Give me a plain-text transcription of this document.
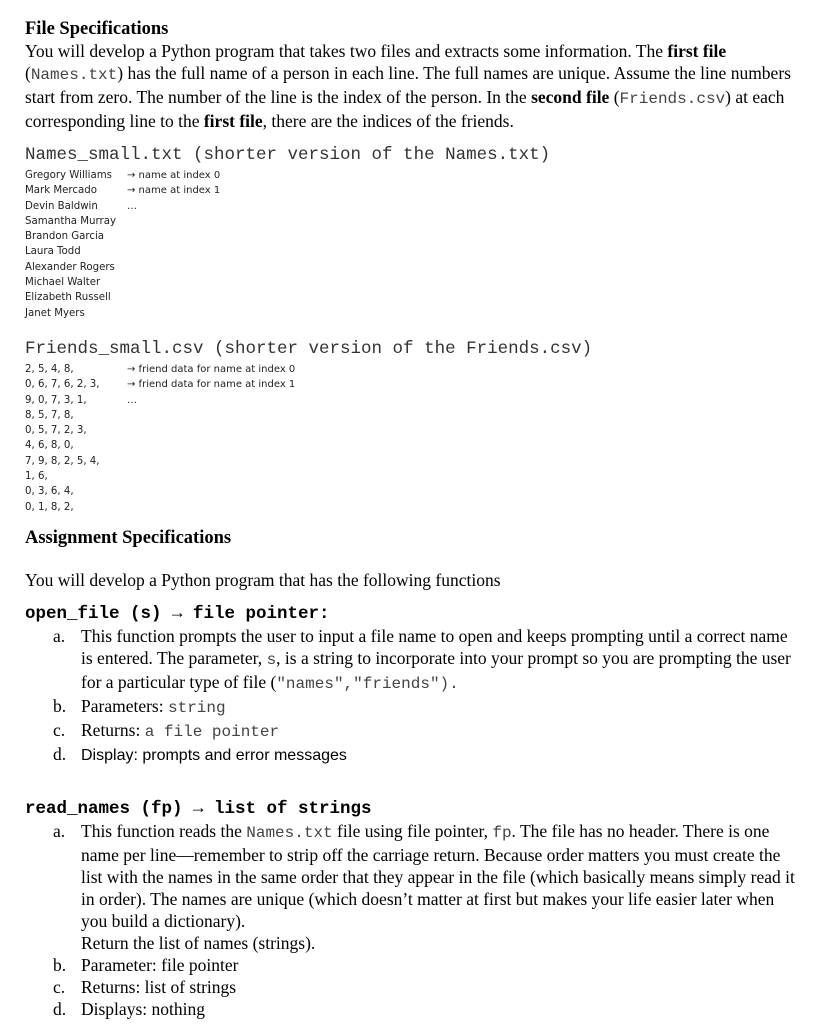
File Specifications

You will develop a Python program that takes two files and extracts some information. The first file (Names.txt) has the full name of a person in each line. The full names are unique. Assume the line numbers start from zero. The number of the line is the index of the person. In the second file (Friends.csv) at each corresponding line to the first file, there are the indices of the friends.

Names_small.txt (shorter version of the Names.txt)
Gregory Williams → name at index 0
Mark Mercado	→ name at index 1
Devin Baldwin	…
Samantha Murray
Brandon Garcia
Laura Todd
Alexander Rogers
Michael Walter
Elizabeth Russell
Janet Myers
Friends_small.csv (shorter version of the Friends.csv)
2, 5, 4, 8,	→ friend data for name at index 0
0, 6, 7, 6, 2, 3,	→ friend data for name at index 1
9, 0, 7, 3, 1,	…
8, 5, 7, 8,
0, 5, 7, 2, 3,
4, 6, 8, 0,
7, 9, 8, 2, 5, 4,
1, 6,
0, 3, 6, 4,
0, 1, 8, 2,
Assignment Specifications

You will develop a Python program that has the following functions

open_file (s) → file pointer:
a. This function prompts the user to input a file name to open and keeps prompting until a correct name is entered. The parameter, s, is a string to incorporate into your prompt so you are prompting the user for a particular type of file ("names","friends").
b. Parameters: string
c. Returns: a file pointer
d. Display: prompts and error messages
read_names (fp) → list of strings
a. This function reads the Names.txt file using file pointer, fp. The file has no header. There is one name per line—remember to strip off the carriage return. Because order matters you must create the list with the names in the same order that they appear in the file (which basically means simply read it in order). The names are unique (which doesn’t matter at first but makes your life easier later when you build a dictionary).
Return the list of names (strings).
b. Parameter: file pointer
c. Returns: list of strings
d. Displays: nothing
